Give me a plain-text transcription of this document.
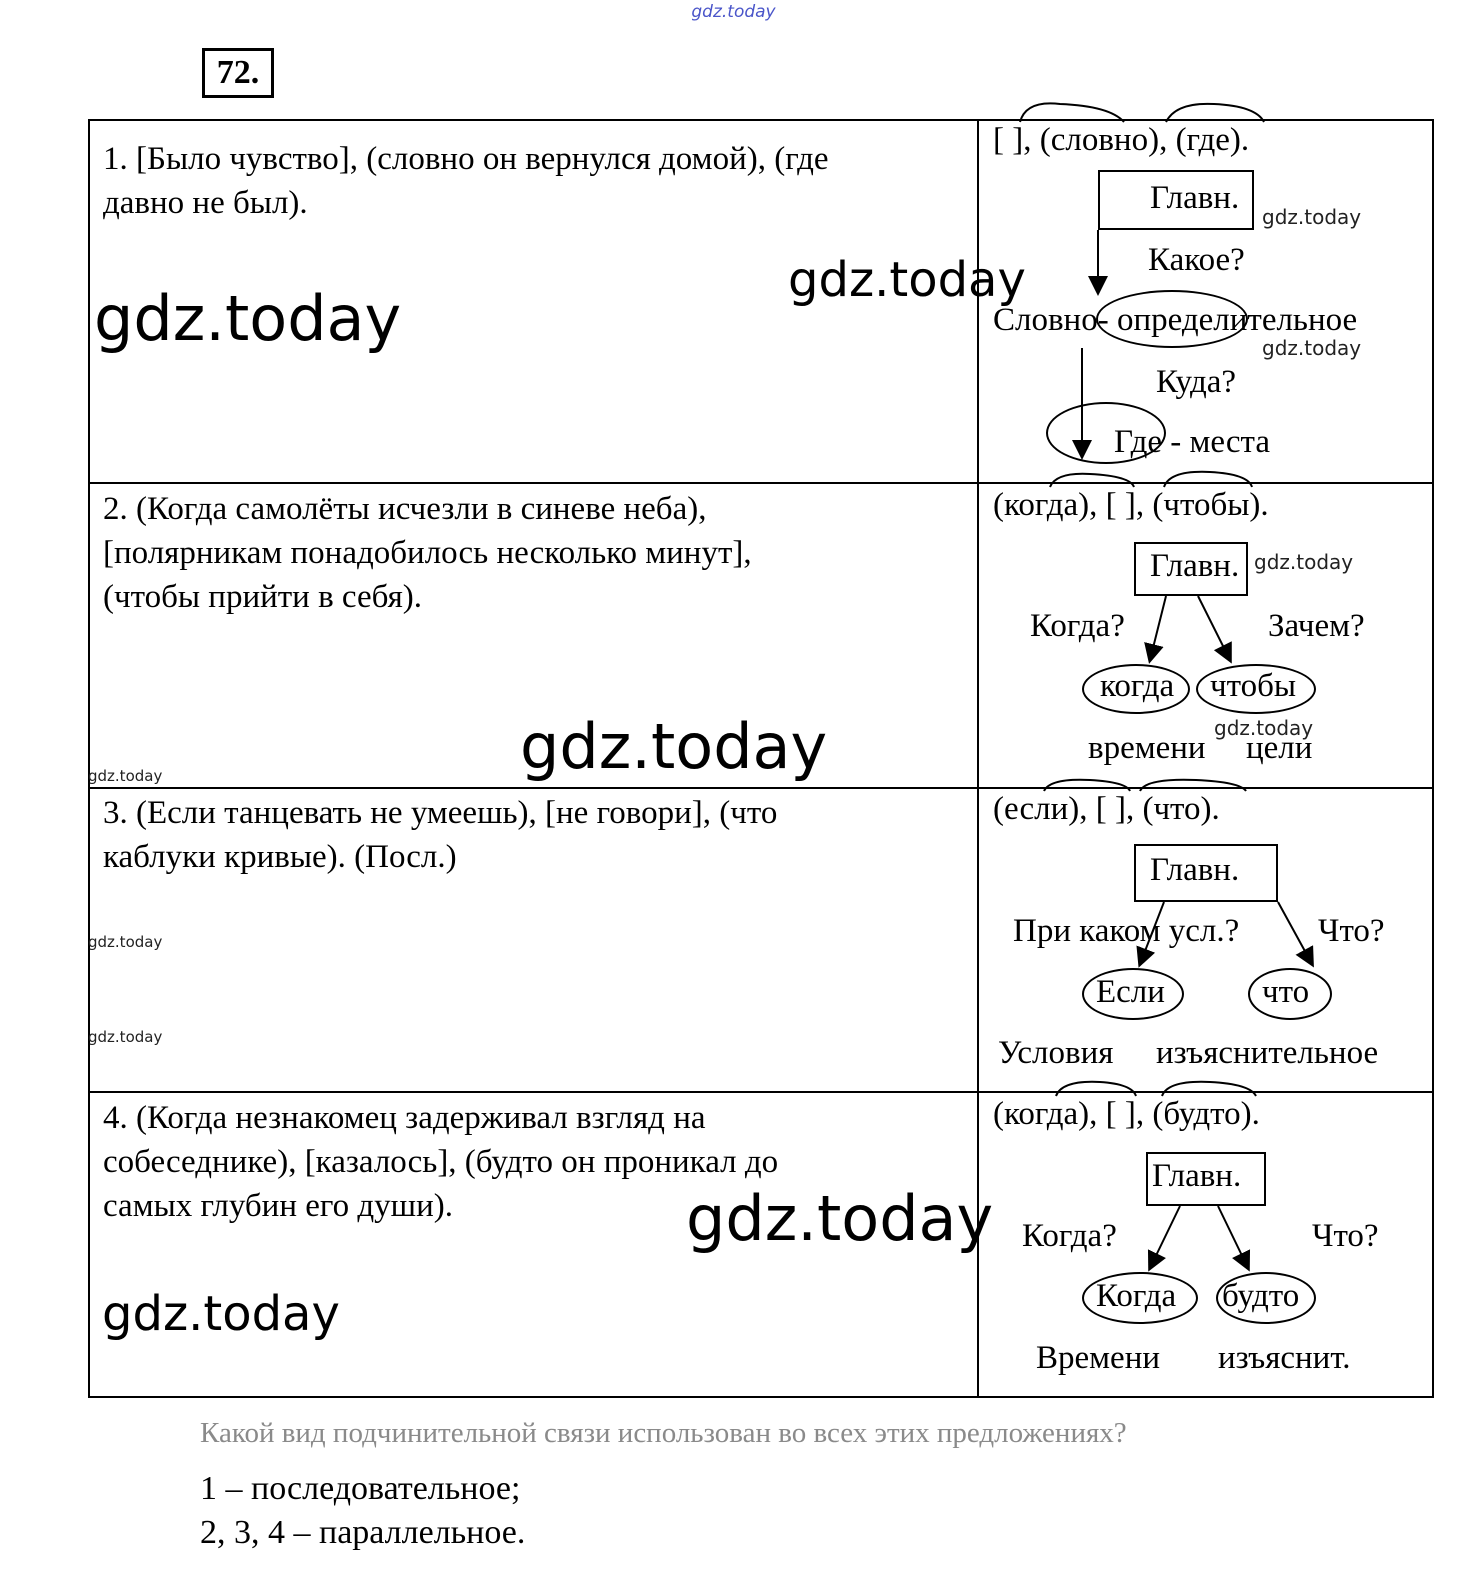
gdz.today
72.
1. [Было чувство], (словно он вернулся домой), (где
давно не был).
[ ], (словно), (где).
Главн.
Какое?
Словно- определительное
Куда?
Где - места
2. (Когда самолёты исчезли в синеве неба),
[полярникам понадобилось несколько минут],
(чтобы прийти в себя).
(когда), [ ], (чтобы).
Главн.
Когда?	Зачем?
когда чтобы
времени цели
3. (Если танцевать не умеешь), [не говори], (что
каблуки кривые). (Посл.)
(если), [ ], (что).
Главн.
При каком усл.? Что?
Если	что
Условия изъяснительное
4. (Когда незнакомец задерживал взгляд на
собеседнике), [казалось], (будто он проникал до
самых глубин его души).
(когда), [ ], (будто).
Главн.
Когда?	Что?
Когда будто
Времени изъяснит.
gdz.today
gdz.today
gdz.today
gdz.today
gdz.today
gdz.today
gdz.today
gdz.today
gdz.today
gdz.today
gdz.today
gdz.today
Какой вид подчинительной связи использован во всех этих предложениях?
1 – последовательное;
2, 3, 4 – параллельное.
